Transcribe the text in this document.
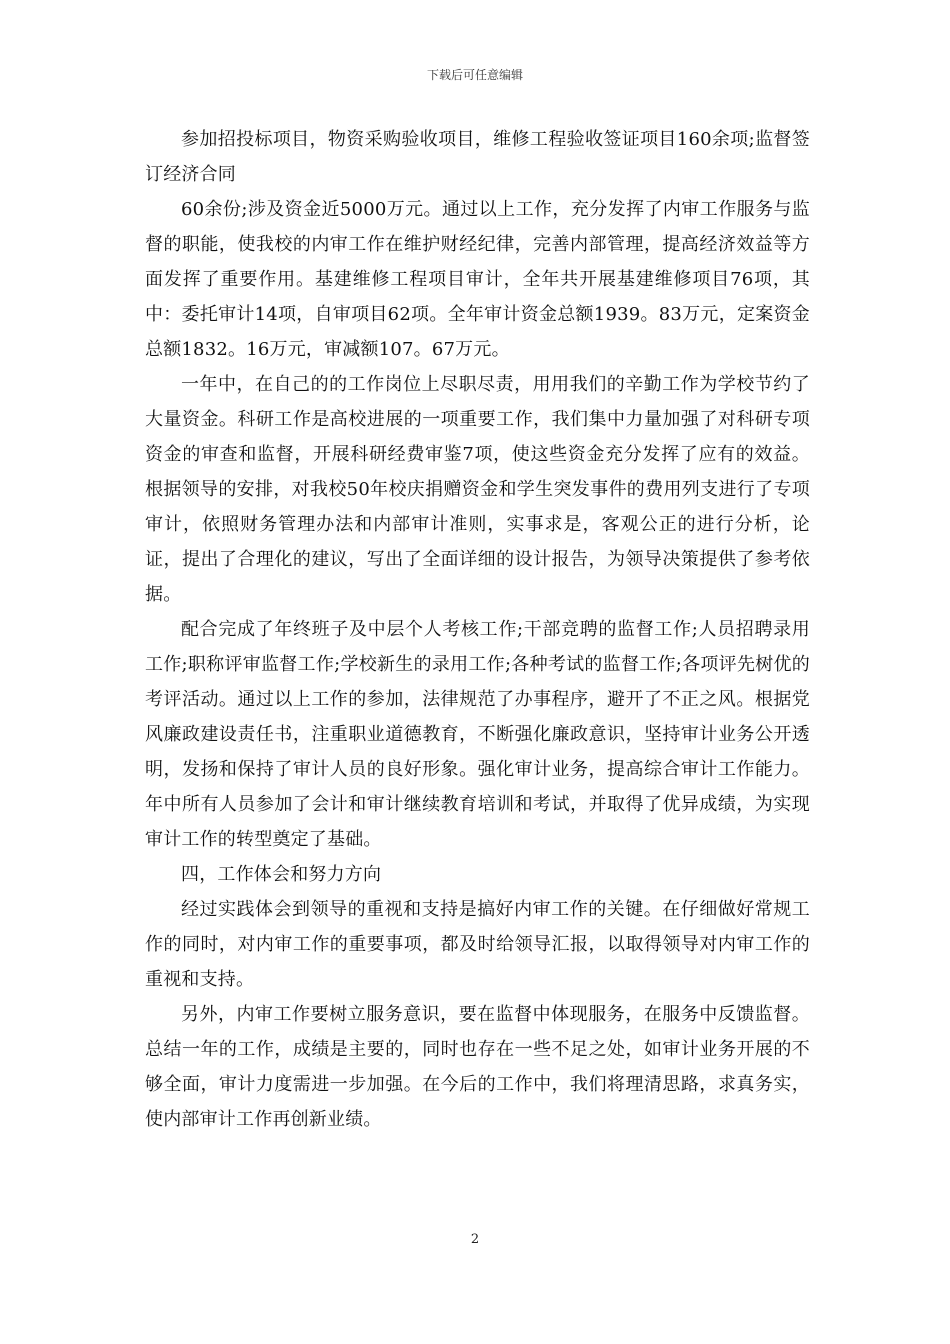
下载后可任意编辑

参加招投标项目，物资采购验收项目，维修工程验收签证项目160余项;监督签订经济合同

60余份;涉及资金近5000万元。通过以上工作，充分发挥了内审工作服务与监督的职能，使我校的内审工作在维护财经纪律，完善内部管理，提高经济效益等方面发挥了重要作用。基建维修工程项目审计，全年共开展基建维修项目76项，其中：委托审计14项，自审项目62项。全年审计资金总额1939。83万元，定案资金总额1832。16万元，审减额107。67万元。

一年中，在自己的的工作岗位上尽职尽责，用用我们的辛勤工作为学校节约了大量资金。科研工作是高校进展的一项重要工作，我们集中力量加强了对科研专项资金的审查和监督，开展科研经费审鉴7项，使这些资金充分发挥了应有的效益。根据领导的安排，对我校50年校庆捐赠资金和学生突发事件的费用列支进行了专项审计，依照财务管理办法和内部审计准则，实事求是，客观公正的进行分析，论证，提出了合理化的建议，写出了全面详细的设计报告，为领导决策提供了参考依据。

配合完成了年终班子及中层个人考核工作;干部竞聘的监督工作;人员招聘录用工作;职称评审监督工作;学校新生的录用工作;各种考试的监督工作;各项评先树优的考评活动。通过以上工作的参加，法律规范了办事程序，避开了不正之风。根据党风廉政建设责任书，注重职业道德教育，不断强化廉政意识，坚持审计业务公开透明，发扬和保持了审计人员的良好形象。强化审计业务，提高综合审计工作能力。年中所有人员参加了会计和审计继续教育培训和考试，并取得了优异成绩，为实现审计工作的转型奠定了基础。

四，工作体会和努力方向

经过实践体会到领导的重视和支持是搞好内审工作的关键。在仔细做好常规工作的同时，对内审工作的重要事项，都及时给领导汇报，以取得领导对内审工作的重视和支持。

另外，内审工作要树立服务意识，要在监督中体现服务，在服务中反馈监督。总结一年的工作，成绩是主要的，同时也存在一些不足之处，如审计业务开展的不够全面，审计力度需进一步加强。在今后的工作中，我们将理清思路，求真务实，使内部审计工作再创新业绩。

2
